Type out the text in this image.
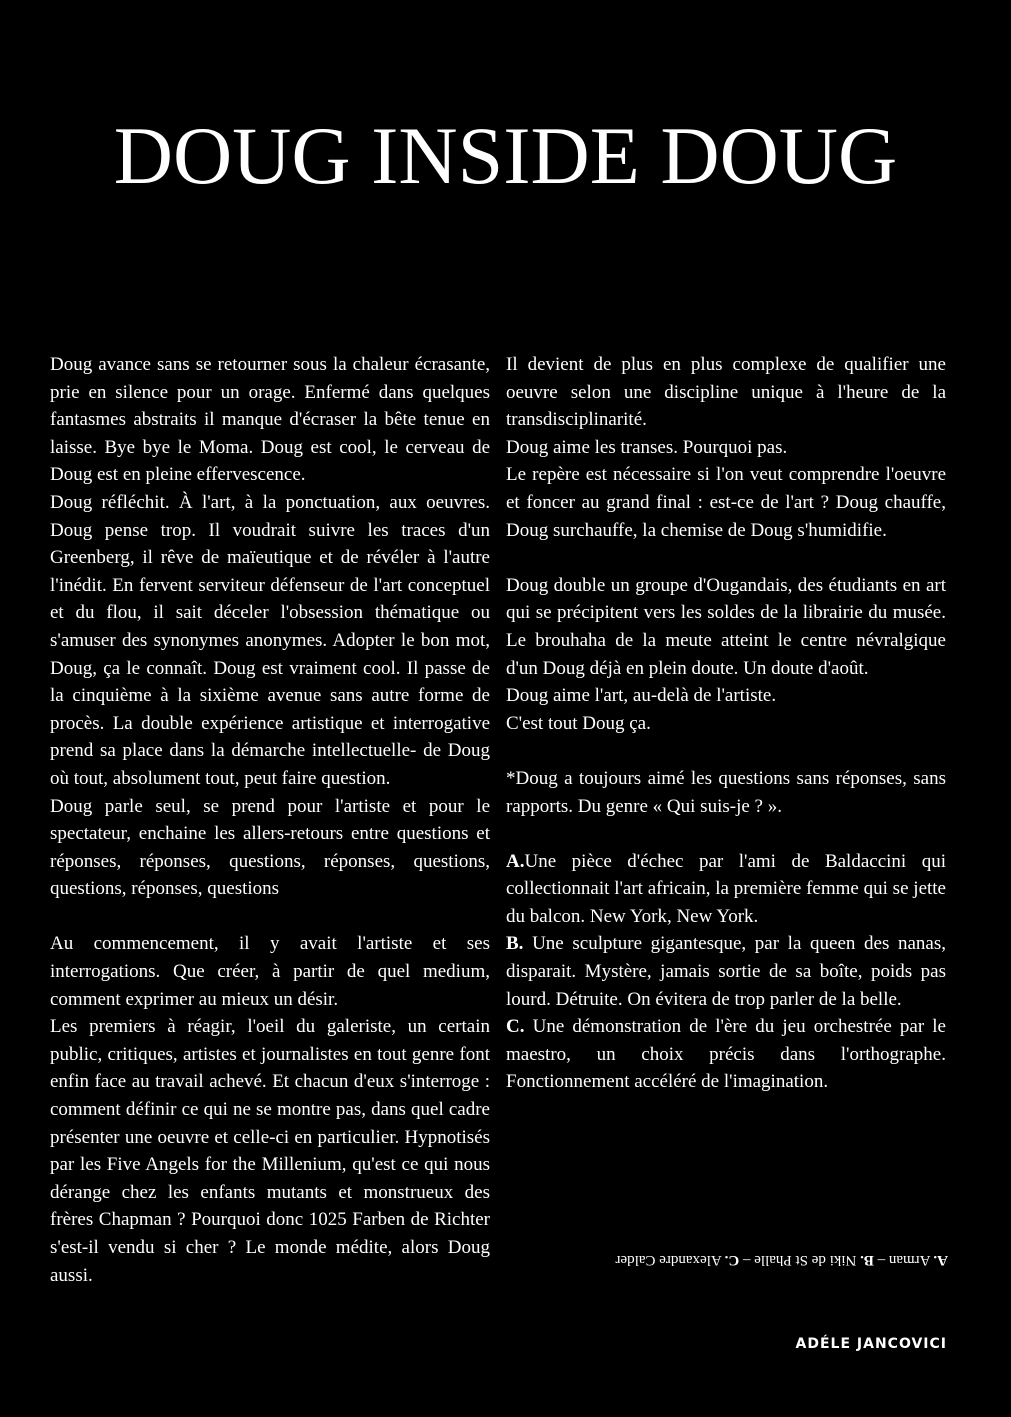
DOUG INSIDE DOUG

Doug avance sans se retourner sous la chaleur écrasante, prie en silence pour un orage. Enfermé dans quelques fantasmes abstraits il manque d'écraser la bête tenue en laisse. Bye bye le Moma. Doug est cool, le cerveau de Doug est en pleine effervescence.

Doug réfléchit. À l'art, à la ponctuation, aux oeuvres. Doug pense trop. Il voudrait suivre les traces d'un Greenberg, il rêve de maïeutique et de révéler à l'autre l'inédit. En fervent serviteur défenseur de l'art conceptuel et du flou, il sait déceler l'obsession thématique ou s'amuser des synonymes anonymes. Adopter le bon mot, Doug, ça le connaît. Doug est vraiment cool. Il passe de la cinquième à la sixième avenue sans autre forme de procès. La double expérience artistique et interrogative prend sa place dans la démarche intellectuelle- de Doug où tout, absolument tout, peut faire question.

Doug parle seul, se prend pour l'artiste et pour le spectateur, enchaine les allers-retours entre questions et réponses, réponses, questions, réponses, questions, questions, réponses, questions

Au commencement, il y avait l'artiste et ses interrogations. Que créer, à partir de quel medium, comment exprimer au mieux un désir.

Les premiers à réagir, l'oeil du galeriste, un certain public, critiques, artistes et journalistes en tout genre font enfin face au travail achevé. Et chacun d'eux s'interroge : comment définir ce qui ne se montre pas, dans quel cadre présenter une oeuvre et celle-ci en particulier. Hypnotisés par les Five Angels for the Millenium, qu'est ce qui nous dérange chez les enfants mutants et monstrueux des frères Chapman ? Pourquoi donc 1025 Farben de Richter s'est-il vendu si cher ? Le monde médite, alors Doug aussi.

Il devient de plus en plus complexe de qualifier une oeuvre selon une discipline unique à l'heure de la transdisciplinarité.

Doug aime les transes. Pourquoi pas.

Le repère est nécessaire si l'on veut comprendre l'oeuvre et foncer au grand final : est-ce de l'art ? Doug chauffe, Doug surchauffe, la chemise de Doug s'humidifie.

Doug double un groupe d'Ougandais, des étudiants en art qui se précipitent vers les soldes de la librairie du musée. Le brouhaha de la meute atteint le centre névralgique d'un Doug déjà en plein doute. Un doute d'août.

Doug aime l'art, au-delà de l'artiste.

C'est tout Doug ça.

*Doug a toujours aimé les questions sans réponses, sans rapports. Du genre « Qui suis-je ? ».

A.Une pièce d'échec par l'ami de Baldaccini qui collectionnait l'art africain, la première femme qui se jette du balcon. New York, New York.

B. Une sculpture gigantesque, par la queen des nanas, disparait. Mystère, jamais sortie de sa boîte, poids pas lourd. Détruite. On évitera de trop parler de la belle.

C. Une démonstration de l'ère du jeu orchestrée par le maestro, un choix précis dans l'orthographe. Fonctionnement accéléré de l'imagination.

A. Arman – B. Niki de St Phalle – C. Alexandre Calder
ADÉLE JANCOVICI
